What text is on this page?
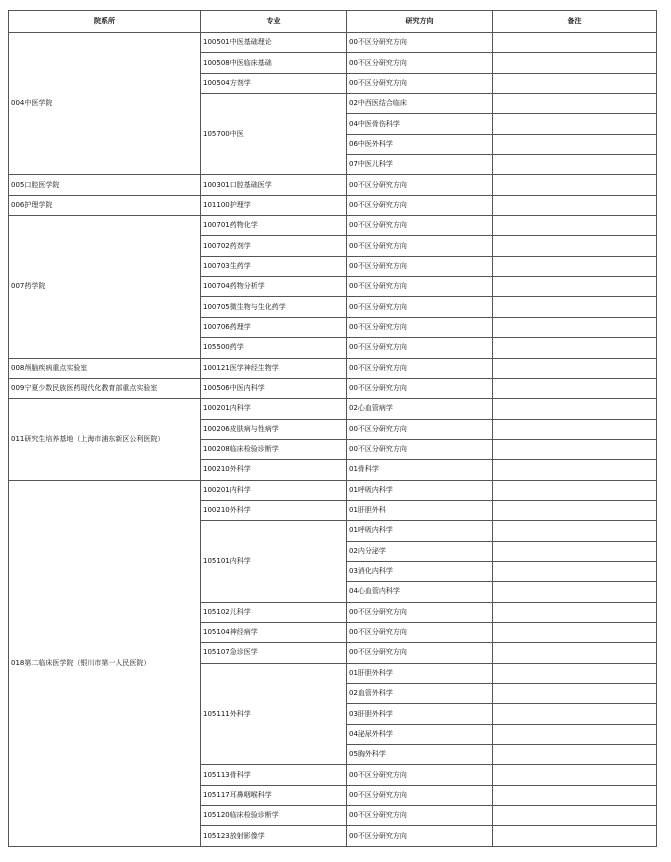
院系所	专业	研究方向	备注
004中医学院	100501中医基础理论	00不区分研究方向	
	100508中医临床基础	00不区分研究方向	
	100504方剂学	00不区分研究方向	
	105700中医	02中西医结合临床	
		04中医骨伤科学	
		06中医外科学	
		07中医儿科学	
005口腔医学院	100301口腔基础医学	00不区分研究方向	
006护理学院	101100护理学	00不区分研究方向	
007药学院	100701药物化学	00不区分研究方向	
	100702药剂学	00不区分研究方向	
	100703生药学	00不区分研究方向	
	100704药物分析学	00不区分研究方向	
	100705微生物与生化药学	00不区分研究方向	
	100706药理学	00不区分研究方向	
	105500药学	00不区分研究方向	
008颅脑疾病重点实验室	100121医学神经生物学	00不区分研究方向	
009宁夏少数民族医药现代化教育部重点实验室	100506中医内科学	00不区分研究方向	
011研究生培养基地（上海市浦东新区公利医院）	100201内科学	02心血管病学	
	100206皮肤病与性病学	00不区分研究方向	
	100208临床检验诊断学	00不区分研究方向	
	100210外科学	01骨科学	
018第二临床医学院（银川市第一人民医院）	100201内科学	01呼吸内科学	
	100210外科学	01肝胆外科	
	105101内科学	01呼吸内科学	
		02内分泌学	
		03消化内科学	
		04心血管内科学	
	105102儿科学	00不区分研究方向	
	105104神经病学	00不区分研究方向	
	105107急诊医学	00不区分研究方向	
	105111外科学	01肝胆外科学	
		02血管外科学	
		03肝胆外科学	
		04泌尿外科学	
		05胸外科学	
	105113骨科学	00不区分研究方向	
	105117耳鼻咽喉科学	00不区分研究方向	
	105120临床检验诊断学	00不区分研究方向	
	105123放射影像学	00不区分研究方向	
